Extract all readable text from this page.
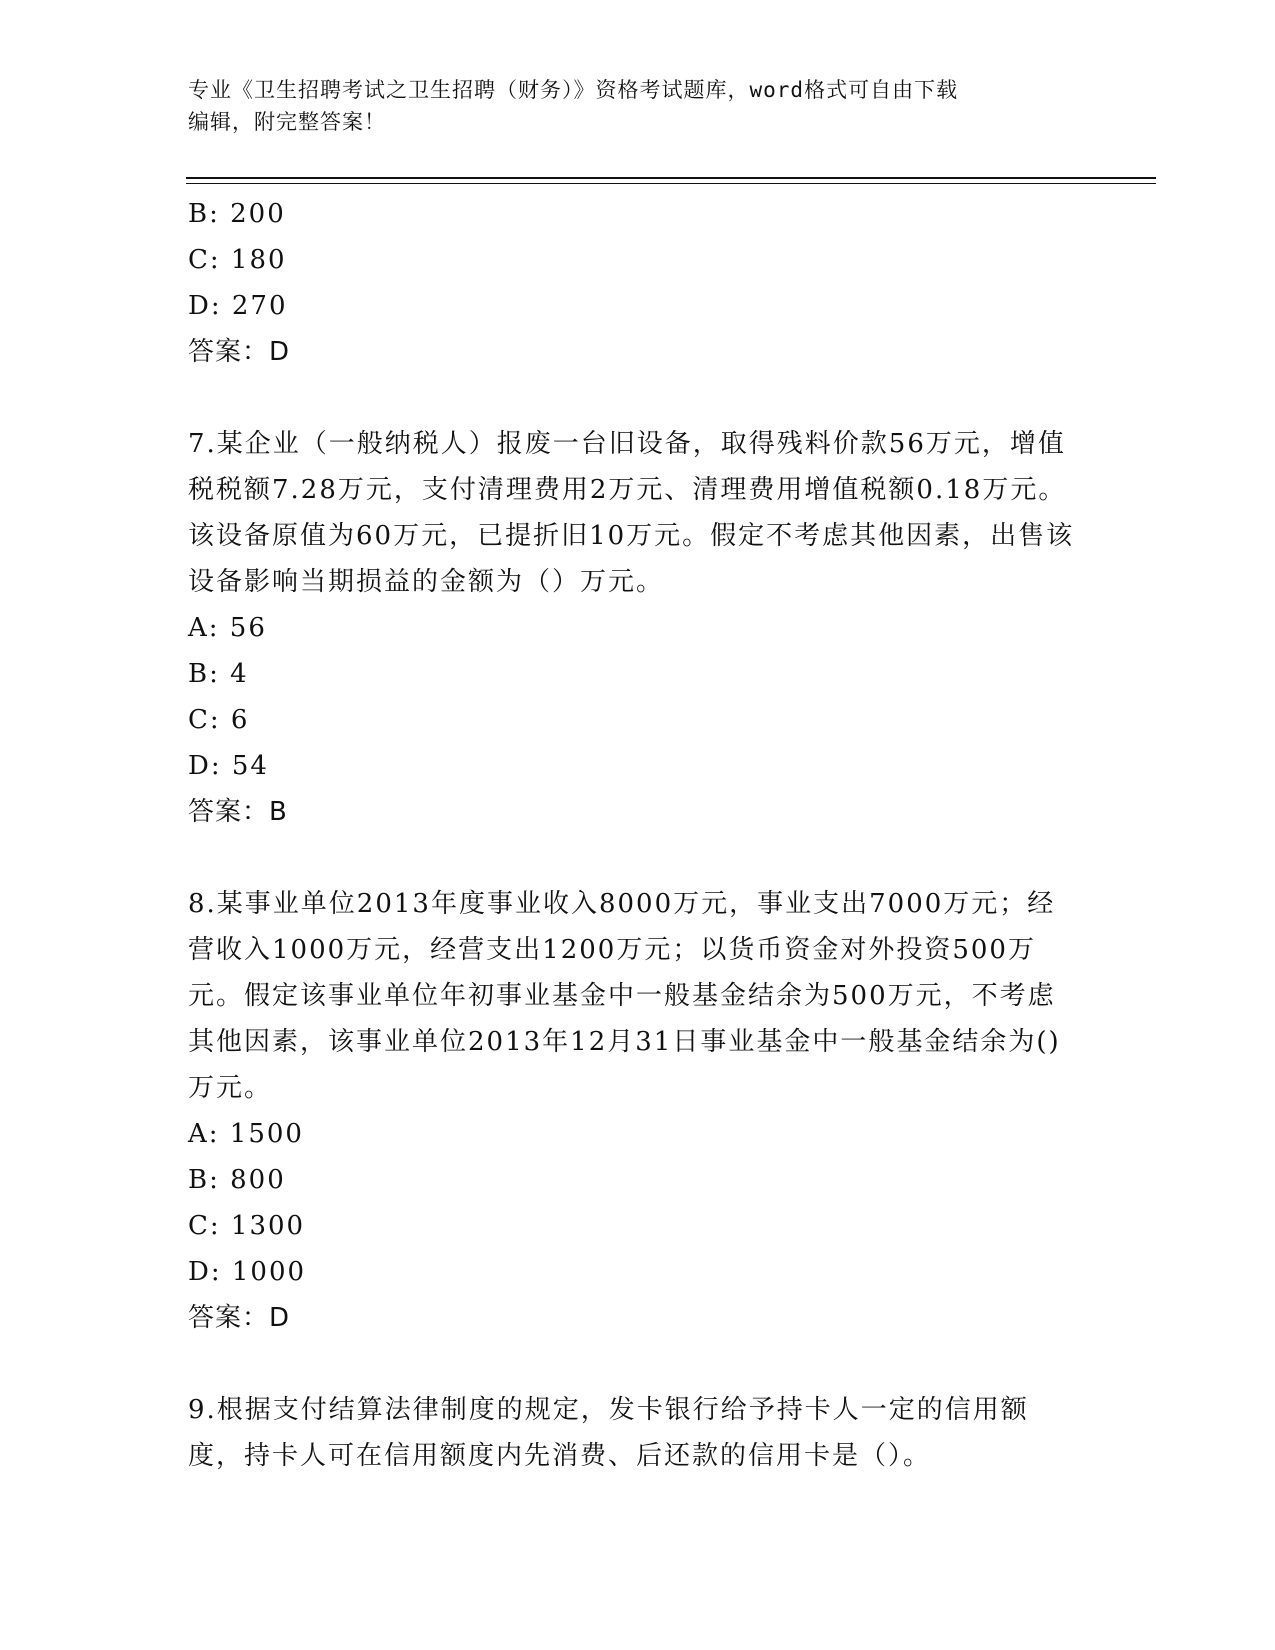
专业《卫生招聘考试之卫生招聘（财务）》资格考试题库，word格式可自由下载
编辑，附完整答案！
B: 200
C: 180
D: 270
答案：D
7.某企业（一般纳税人）报废一台旧设备，取得残料价款56万元，增值税税额7.28万元，支付清理费用2万元、清理费用增值税额0.18万元。该设备原值为60万元，已提折旧10万元。假定不考虑其他因素，出售该设备影响当期损益的金额为（）万元。
A: 56
B: 4
C: 6
D: 54
答案：B
8.某事业单位2013年度事业收入8000万元，事业支出7000万元；经营收入1000万元，经营支出1200万元；以货币资金对外投资500万元。假定该事业单位年初事业基金中一般基金结余为500万元，不考虑其他因素，该事业单位2013年12月31日事业基金中一般基金结余为()万元。
A: 1500
B: 800
C: 1300
D: 1000
答案：D
9.根据支付结算法律制度的规定，发卡银行给予持卡人一定的信用额度，持卡人可在信用额度内先消费、后还款的信用卡是（）。
